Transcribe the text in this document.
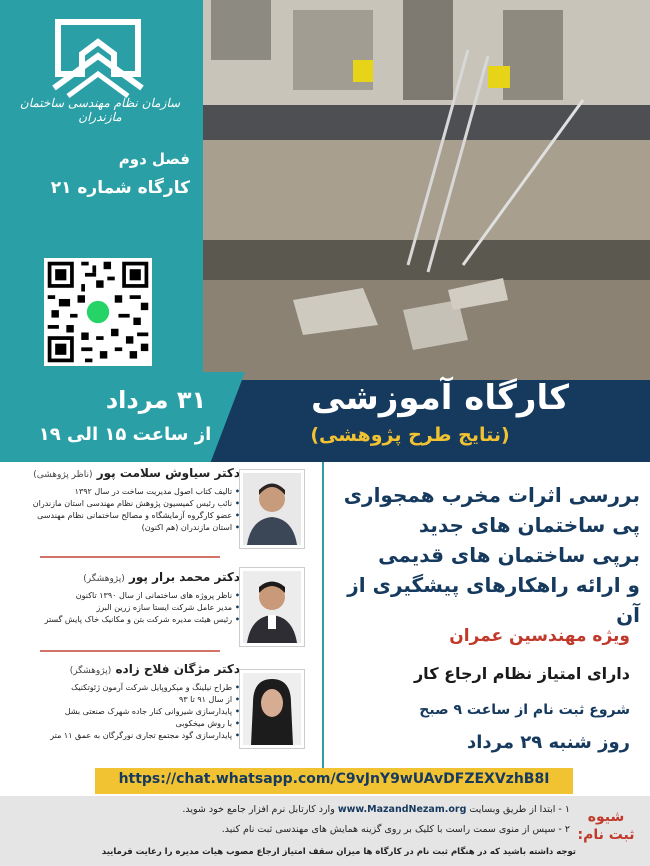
سازمان نظام مهندسی ساختمان مازندران
فصل دوم
کارگاه شماره ۲۱
۳۱ مرداد
از ساعت ۱۵ الی ۱۹
کارگاه آموزشی
(نتایج طرح پژوهشی)
دکتر سیاوش سلامت پور (ناظر پژوهشی)
• تالیف کتاب اصول مدیریت ساخت در سال ۱۳۹۲
• نائب رئیس کمیسیون پژوهش نظام مهندسی استان مازندران
• عضو کارگروه آزمایشگاه و مصالح ساختمانی نظام مهندسی
• استان مازندران (هم اکنون)
دکتر محمد برار پور (پژوهشگر)
• ناظر پروژه های ساختمانی از سال ۱۳۹۰ تاکنون
• مدیر عامل شرکت ایستا سازه زرین البرز
• رئیس هیئت مدیره شرکت بتن و مکانیک خاک پایش گستر
دکتر مژگان فلاح زاده (پژوهشگر)
• طراح نیلینگ و میکروپایل شرکت آرمون ژئوتکنیک
• از سال ۹۱ تا ۹۳
• پایدارسازی شیروانی کنار جاده شهرک صنعتی بشل
• با روش میخکوبی
• پایدارسازی گود مجتمع تجاری نورگرگان به عمق ۱۱ متر
بررسی اثرات مخرب همجواری
پی ساختمان های جدید
برپی ساختمان های قدیمی
و ارائه راهکارهای پیشگیری از آن
ویژه مهندسین عمران
دارای امتیاز نظام ارجاع کار
شروع ثبت نام از ساعت ۹ صبح
روز شنبه ۲۹ مرداد
https://chat.whatsapp.com/C9vJnY9wUAvDFZEXVzhB8I
شیوه
ثبت نام:
۱ - ابتدا از طریق وبسایت www.MazandNezam.org وارد کارتابل نرم افزار جامع خود شوید.
۲ - سپس از منوی سمت راست با کلیک بر روی گزینه همایش های مهندسی ثبت نام کنید.
توجه داشته باشید که در هنگام ثبت نام در کارگاه ها میزان سقف امتیاز ارجاع مصوب هیات مدیره را رعایت فرمایید
